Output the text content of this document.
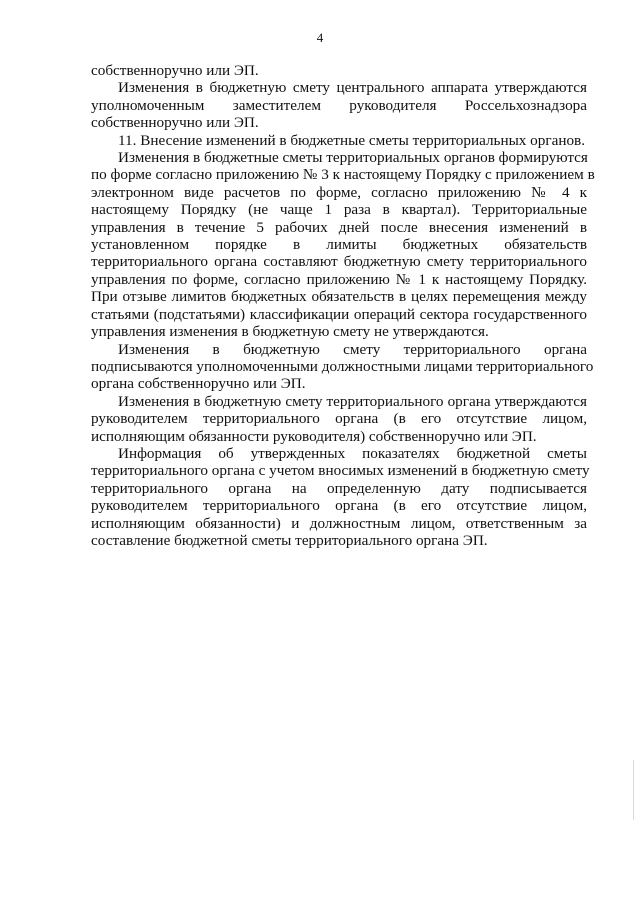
4
собственноручно или ЭП.
Изменения в бюджетную смету центрального аппарата утверждаются
уполномоченным заместителем руководителя Россельхознадзора
собственноручно или ЭП.
11. Внесение изменений в бюджетные сметы территориальных органов.
Изменения в бюджетные сметы территориальных органов формируются
по форме согласно приложению № 3 к настоящему Порядку с приложением в
электронном виде расчетов по форме, согласно приложению № 4 к
настоящему Порядку (не чаще 1 раза в квартал). Территориальные
управления в течение 5 рабочих дней после внесения изменений в
установленном порядке в лимиты бюджетных обязательств
территориального органа составляют бюджетную смету территориального
управления по форме, согласно приложению № 1 к настоящему Порядку.
При отзыве лимитов бюджетных обязательств в целях перемещения между
статьями (подстатьями) классификации операций сектора государственного
управления изменения в бюджетную смету не утверждаются.
Изменения в бюджетную смету территориального органа
подписываются уполномоченными должностными лицами территориального
органа собственноручно или ЭП.
Изменения в бюджетную смету территориального органа утверждаются
руководителем территориального органа (в его отсутствие лицом,
исполняющим обязанности руководителя) собственноручно или ЭП.
Информация об утвержденных показателях бюджетной сметы
территориального органа с учетом вносимых изменений в бюджетную смету
территориального органа на определенную дату подписывается
руководителем территориального органа (в его отсутствие лицом,
исполняющим обязанности) и должностным лицом, ответственным за
составление бюджетной сметы территориального органа ЭП.
